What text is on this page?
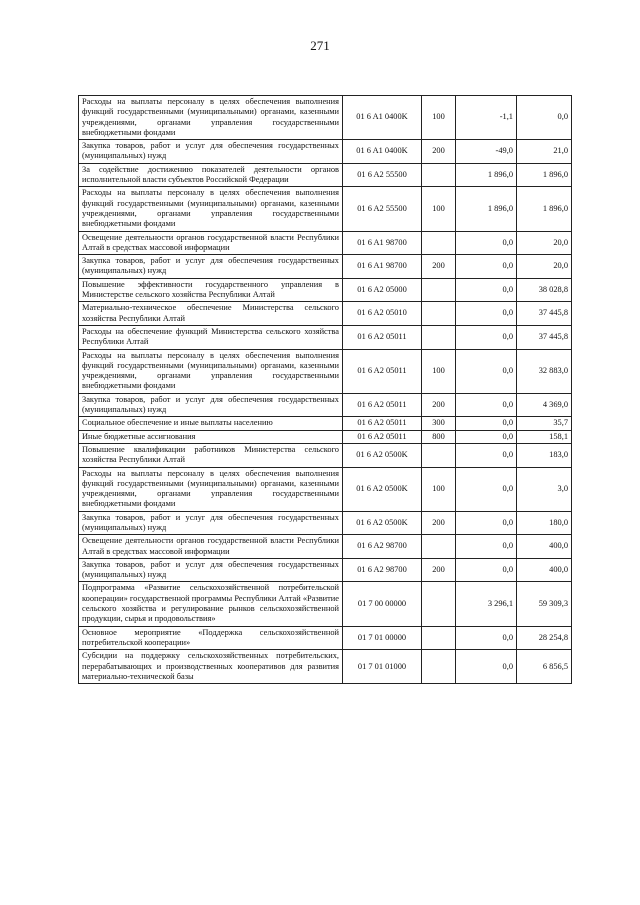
271
Расходы на выплаты персоналу в целях обеспечения выполнения функций государственными (муниципальными) органами, казенными учреждениями, органами управления государственными внебюджетными фондами	01 6 A1 0400K	100	-1,1	0,0
Закупка товаров, работ и услуг для обеспечения государственных (муниципальных) нужд	01 6 A1 0400K	200	-49,0	21,0
За содействие достижению показателей деятельности органов исполнительной власти субъектов Российской Федерации	01 6 A2 55500		1 896,0	1 896,0
Расходы на выплаты персоналу в целях обеспечения выполнения функций государственными (муниципальными) органами, казенными учреждениями, органами управления государственными внебюджетными фондами	01 6 A2 55500	100	1 896,0	1 896,0
Освещение деятельности органов государственной власти Республики Алтай в средствах массовой информации	01 6 A1 98700		0,0	20,0
Закупка товаров, работ и услуг для обеспечения государственных (муниципальных) нужд	01 6 A1 98700	200	0,0	20,0
Повышение эффективности государственного управления в Министерстве сельского хозяйства Республики Алтай	01 6 A2 05000		0,0	38 028,8
Материально-техническое обеспечение Министерства сельского хозяйства Республики Алтай	01 6 A2 05010		0,0	37 445,8
Расходы на обеспечение функций Министерства сельского хозяйства Республики Алтай	01 6 A2 05011		0,0	37 445,8
Расходы на выплаты персоналу в целях обеспечения выполнения функций государственными (муниципальными) органами, казенными учреждениями, органами управления государственными внебюджетными фондами	01 6 A2 05011	100	0,0	32 883,0
Закупка товаров, работ и услуг для обеспечения государственных (муниципальных) нужд	01 6 A2 05011	200	0,0	4 369,0
Социальное обеспечение и иные выплаты населению	01 6 A2 05011	300	0,0	35,7
Иные бюджетные ассигнования	01 6 A2 05011	800	0,0	158,1
Повышение квалификации работников Министерства сельского хозяйства Республики Алтай	01 6 A2 0500K		0,0	183,0
Расходы на выплаты персоналу в целях обеспечения выполнения функций государственными (муниципальными) органами, казенными учреждениями, органами управления государственными внебюджетными фондами	01 6 A2 0500K	100	0,0	3,0
Закупка товаров, работ и услуг для обеспечения государственных (муниципальных) нужд	01 6 A2 0500K	200	0,0	180,0
Освещение деятельности органов государственной власти Республики Алтай в средствах массовой информации	01 6 A2 98700		0,0	400,0
Закупка товаров, работ и услуг для обеспечения государственных (муниципальных) нужд	01 6 A2 98700	200	0,0	400,0
Подпрограмма «Развитие сельскохозяйственной потребительской кооперации» государственной программы Республики Алтай «Развитие сельского хозяйства и регулирование рынков сельскохозяйственной продукции, сырья и продовольствия»	01 7 00 00000		3 296,1	59 309,3
Основное мероприятие «Поддержка сельскохозяйственной потребительской кооперации»	01 7 01 00000		0,0	28 254,8
Субсидии на поддержку сельскохозяйственных потребительских, перерабатывающих и производственных кооперативов для развития материально-технической базы	01 7 01 01000		0,0	6 856,5
